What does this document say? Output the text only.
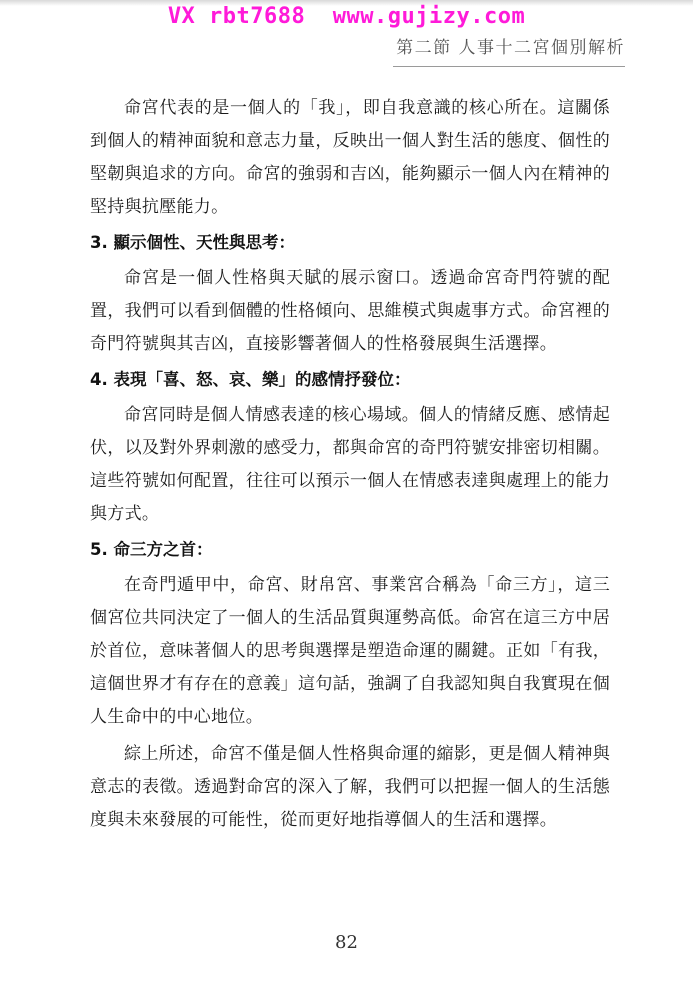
VX rbt7688  www.gujizy.com
第二節 人事十二宮個別解析

命宮代表的是一個人的「我」，即自我意識的核心所在。這關係到個人的精神面貌和意志力量，反映出一個人對生活的態度、個性的堅韌與追求的方向。命宮的強弱和吉凶，能夠顯示一個人內在精神的堅持與抗壓能力。

3. 顯示個性、天性與思考：

命宮是一個人性格與天賦的展示窗口。透過命宮奇門符號的配置，我們可以看到個體的性格傾向、思維模式與處事方式。命宮裡的奇門符號與其吉凶，直接影響著個人的性格發展與生活選擇。

4. 表現「喜、怒、哀、樂」的感情抒發位：

命宮同時是個人情感表達的核心場域。個人的情緒反應、感情起伏，以及對外界刺激的感受力，都與命宮的奇門符號安排密切相關。這些符號如何配置，往往可以預示一個人在情感表達與處理上的能力與方式。

5. 命三方之首：

在奇門遁甲中，命宮、財帛宮、事業宮合稱為「命三方」，這三個宮位共同決定了一個人的生活品質與運勢高低。命宮在這三方中居於首位，意味著個人的思考與選擇是塑造命運的關鍵。正如「有我，這個世界才有存在的意義」這句話，強調了自我認知與自我實現在個人生命中的中心地位。

綜上所述，命宮不僅是個人性格與命運的縮影，更是個人精神與意志的表徵。透過對命宮的深入了解，我們可以把握一個人的生活態度與未來發展的可能性，從而更好地指導個人的生活和選擇。

82
